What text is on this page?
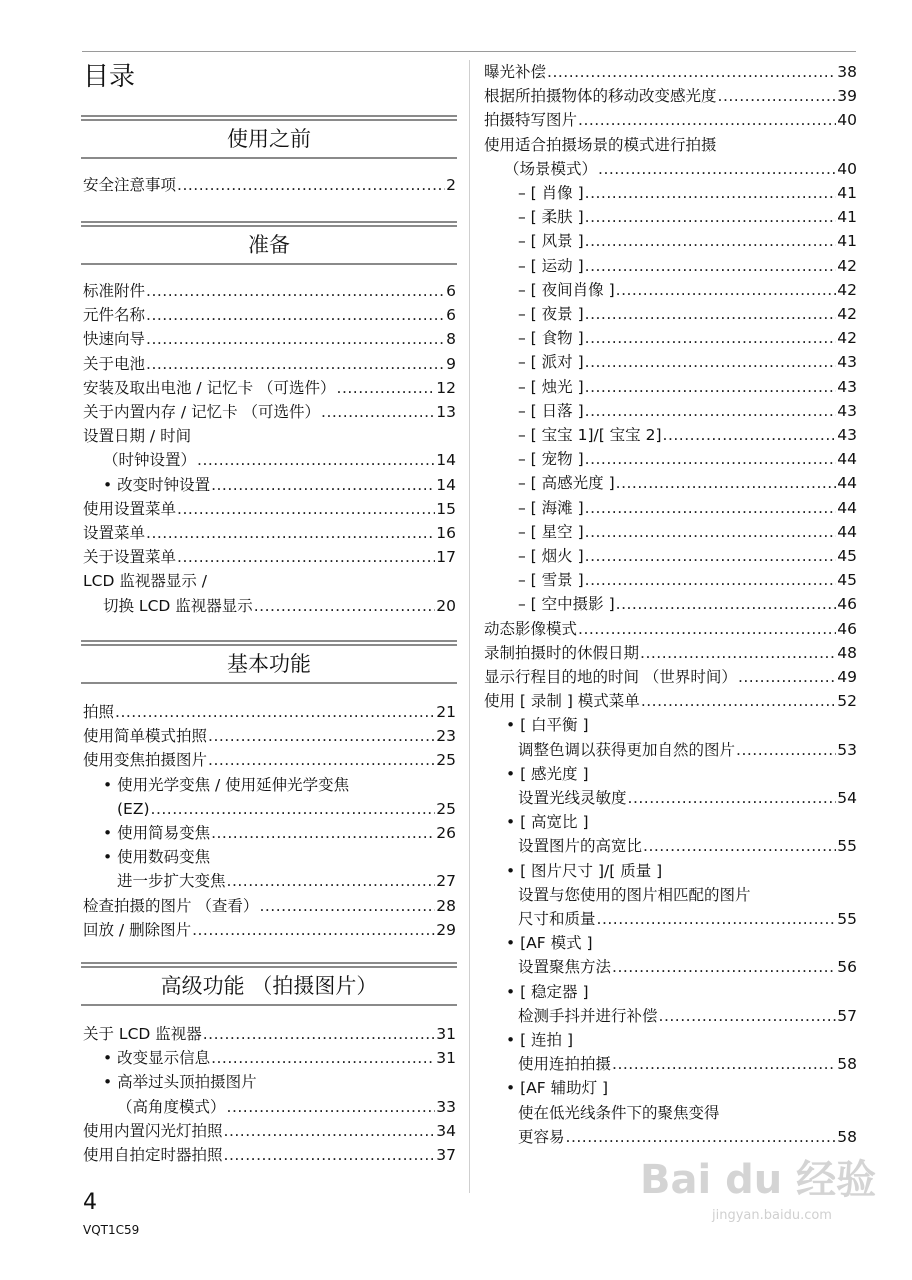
目录
使用之前
准备
基本功能
高级功能 （拍摄图片）
安全注意事项 .....	2
标准附件 .....	6
元件名称 .....	6
快速向导 .....	8
关于电池 .....	9
安装及取出电池 / 记忆卡 （可选件） .....	12
关于内置内存 / 记忆卡 （可选件） .....	13
设置日期 / 时间
（时钟设置） .....	14
• 改变时钟设置 .....	14
使用设置菜单 .....	15
设置菜单 .....	16
关于设置菜单 .....	17
LCD 监视器显示 /
切换 LCD 监视器显示 .....	20
拍照 .....	21
使用简单模式拍照 .....	23
使用变焦拍摄图片 .....	25
• 使用光学变焦 / 使用延伸光学变焦
(EZ) .....	25
• 使用简易变焦 .....	26
• 使用数码变焦
进一步扩大变焦 .....	27
检查拍摄的图片 （查看） .....	28
回放 / 删除图片 .....	29
关于 LCD 监视器 .....	31
• 改变显示信息 .....	31
• 高举过头顶拍摄图片
（高角度模式） .....	33
使用内置闪光灯拍照 .....	34
使用自拍定时器拍照 .....	37
曝光补偿 .....	38
根据所拍摄物体的移动改变感光度 .....	39
拍摄特写图片 .....	40
使用适合拍摄场景的模式进行拍摄
（场景模式） .....	40
– [ 肖像 ] .....	41
– [ 柔肤 ] .....	41
– [ 风景 ] .....	41
– [ 运动 ] .....	42
– [ 夜间肖像 ] .....	42
– [ 夜景 ] .....	42
– [ 食物 ] .....	42
– [ 派对 ] .....	43
– [ 烛光 ] .....	43
– [ 日落 ] .....	43
– [ 宝宝 1]/[ 宝宝 2] .....	43
– [ 宠物 ] .....	44
– [ 高感光度 ] .....	44
– [ 海滩 ] .....	44
– [ 星空 ] .....	44
– [ 烟火 ] .....	45
– [ 雪景 ] .....	45
– [ 空中摄影 ] .....	46
动态影像模式 .....	46
录制拍摄时的休假日期 .....	48
显示行程目的地的时间 （世界时间） .....	49
使用 [ 录制 ] 模式菜单 .....	52
• [ 白平衡 ]
调整色调以获得更加自然的图片 .....	53
• [ 感光度 ]
设置光线灵敏度 .....	54
• [ 高宽比 ]
设置图片的高宽比 .....	55
• [ 图片尺寸 ]/[ 质量 ]
设置与您使用的图片相匹配的图片
尺寸和质量 .....	55
• [AF 模式 ]
设置聚焦方法 .....	56
• [ 稳定器 ]
检测手抖并进行补偿 .....	57
• [ 连拍 ]
使用连拍拍摄 .....	58
• [AF 辅助灯 ]
使在低光线条件下的聚焦变得
更容易 .....	58
4
VQT1C59
Bai du 经验
jingyan.baidu.com
